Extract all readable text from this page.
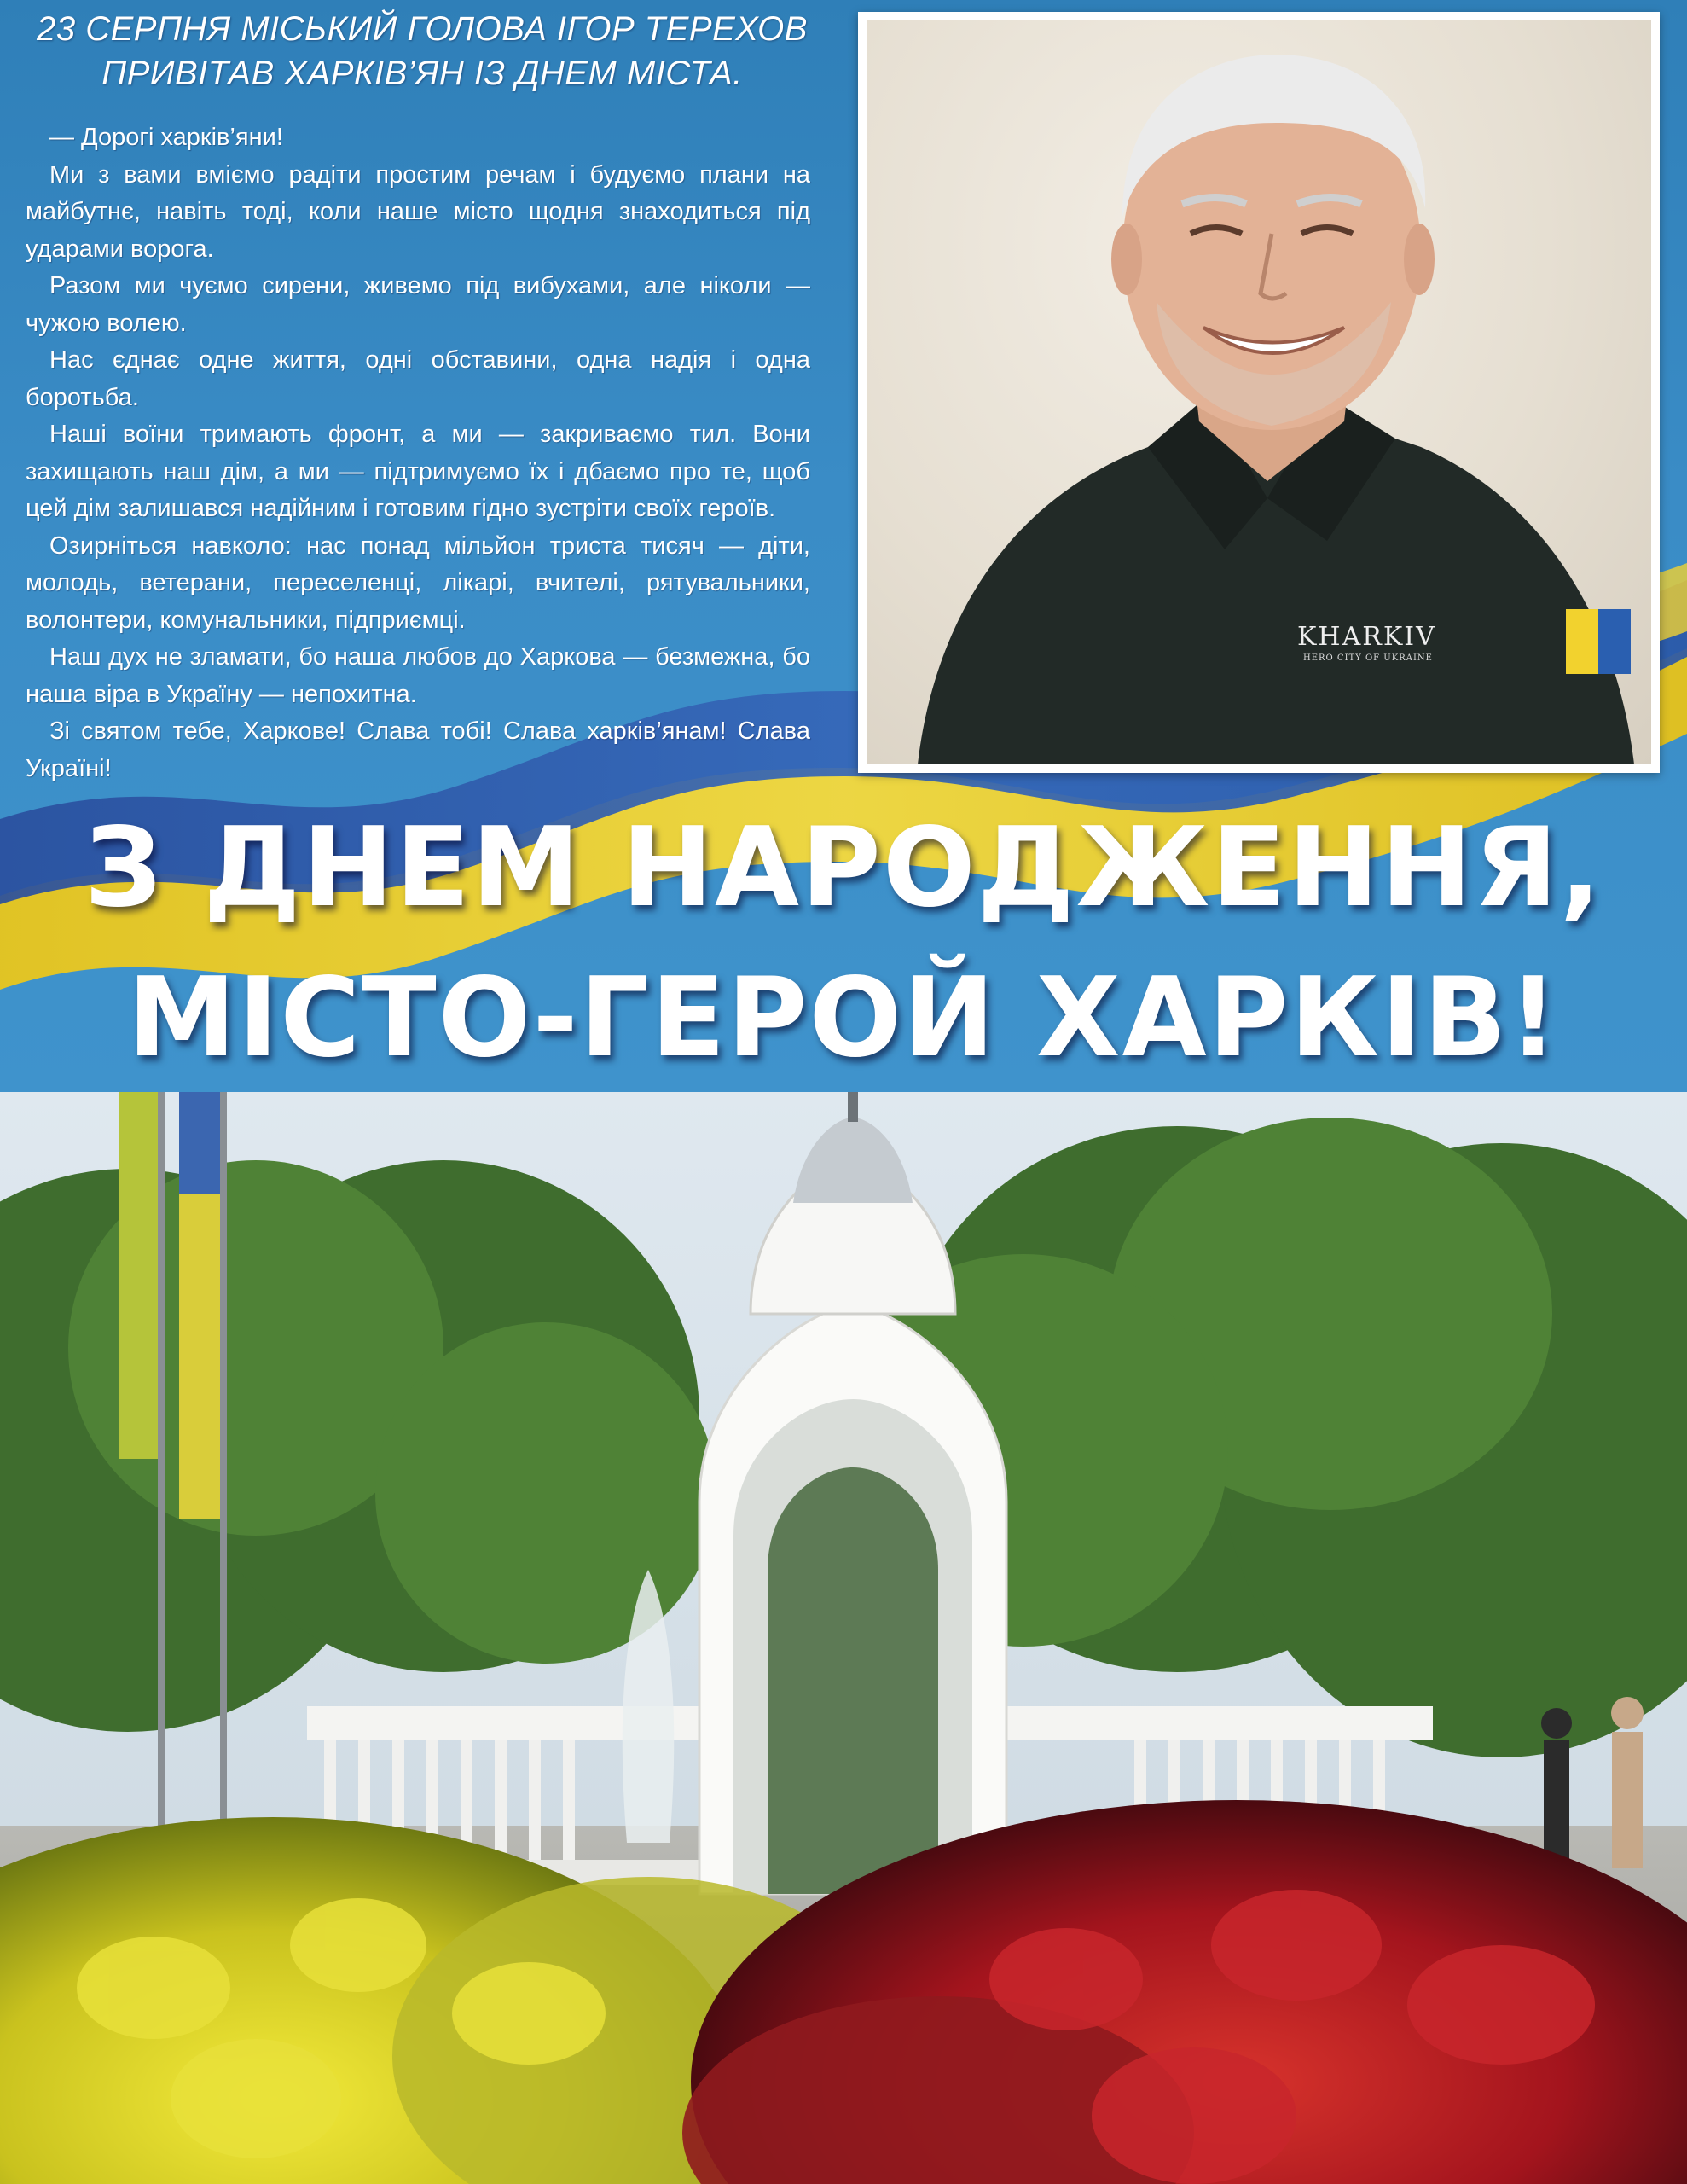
23 СЕРПНЯ МІСЬКИЙ ГОЛОВА ІГОР ТЕРЕХОВ
ПРИВІТАВ ХАРКІВ’ЯН ІЗ ДНЕМ МІСТА.

— Дорогі харків’яни!

Ми з вами вміємо радіти простим речам і будуємо плани на майбутнє, навіть тоді, коли наше місто щодня знаходиться під ударами ворога.

Разом ми чуємо сирени, живемо під вибухами, але ніколи — чужою волею.

Нас єднає одне життя, одні обставини, одна надія і одна боротьба.

Наші воїни тримають фронт, а ми — закриваємо тил. Вони захищають наш дім, а ми — підтримуємо їх і дбаємо про те, щоб цей дім залишався надійним і готовим гідно зустріти своїх героїв.

Озирніться навколо: нас понад мільйон триста тисяч — діти, молодь, ветерани, переселенці, лікарі, вчителі, рятувальники, волонтери, комунальники, підприємці.

Наш дух не зламати, бо наша любов до Харкова — безмежна, бо наша віра в Україну — непохитна.

Зі святом тебе, Харкове! Слава тобі! Слава харків’янам! Слава Україні!

KHARKIV
HERO CITY OF UKRAINE
З ДНЕМ НАРОДЖЕННЯ,
МІСТО-ГЕРОЙ ХАРКІВ!
